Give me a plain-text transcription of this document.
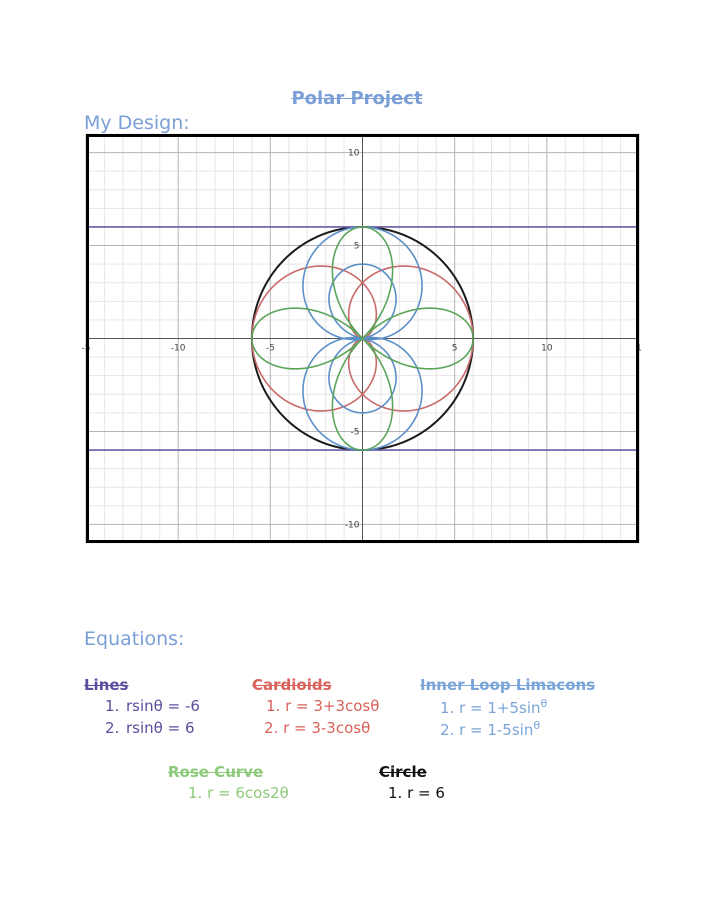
Polar Project
My Design:
-5	-10	-5	5	10	1
-10
-5
5
10
Equations:
Lines
1. rsinθ = -6
2. rsinθ = 6
Cardioids
1. r = 3+3cosθ
2. r = 3-3cosθ
Inner Loop Limacons
1. $r = 1+5\sin^\theta$
2. $r = 1-5\sin^\theta$
Rose Curve
1. r = 6cos2θ
Circle
1. r = 6
